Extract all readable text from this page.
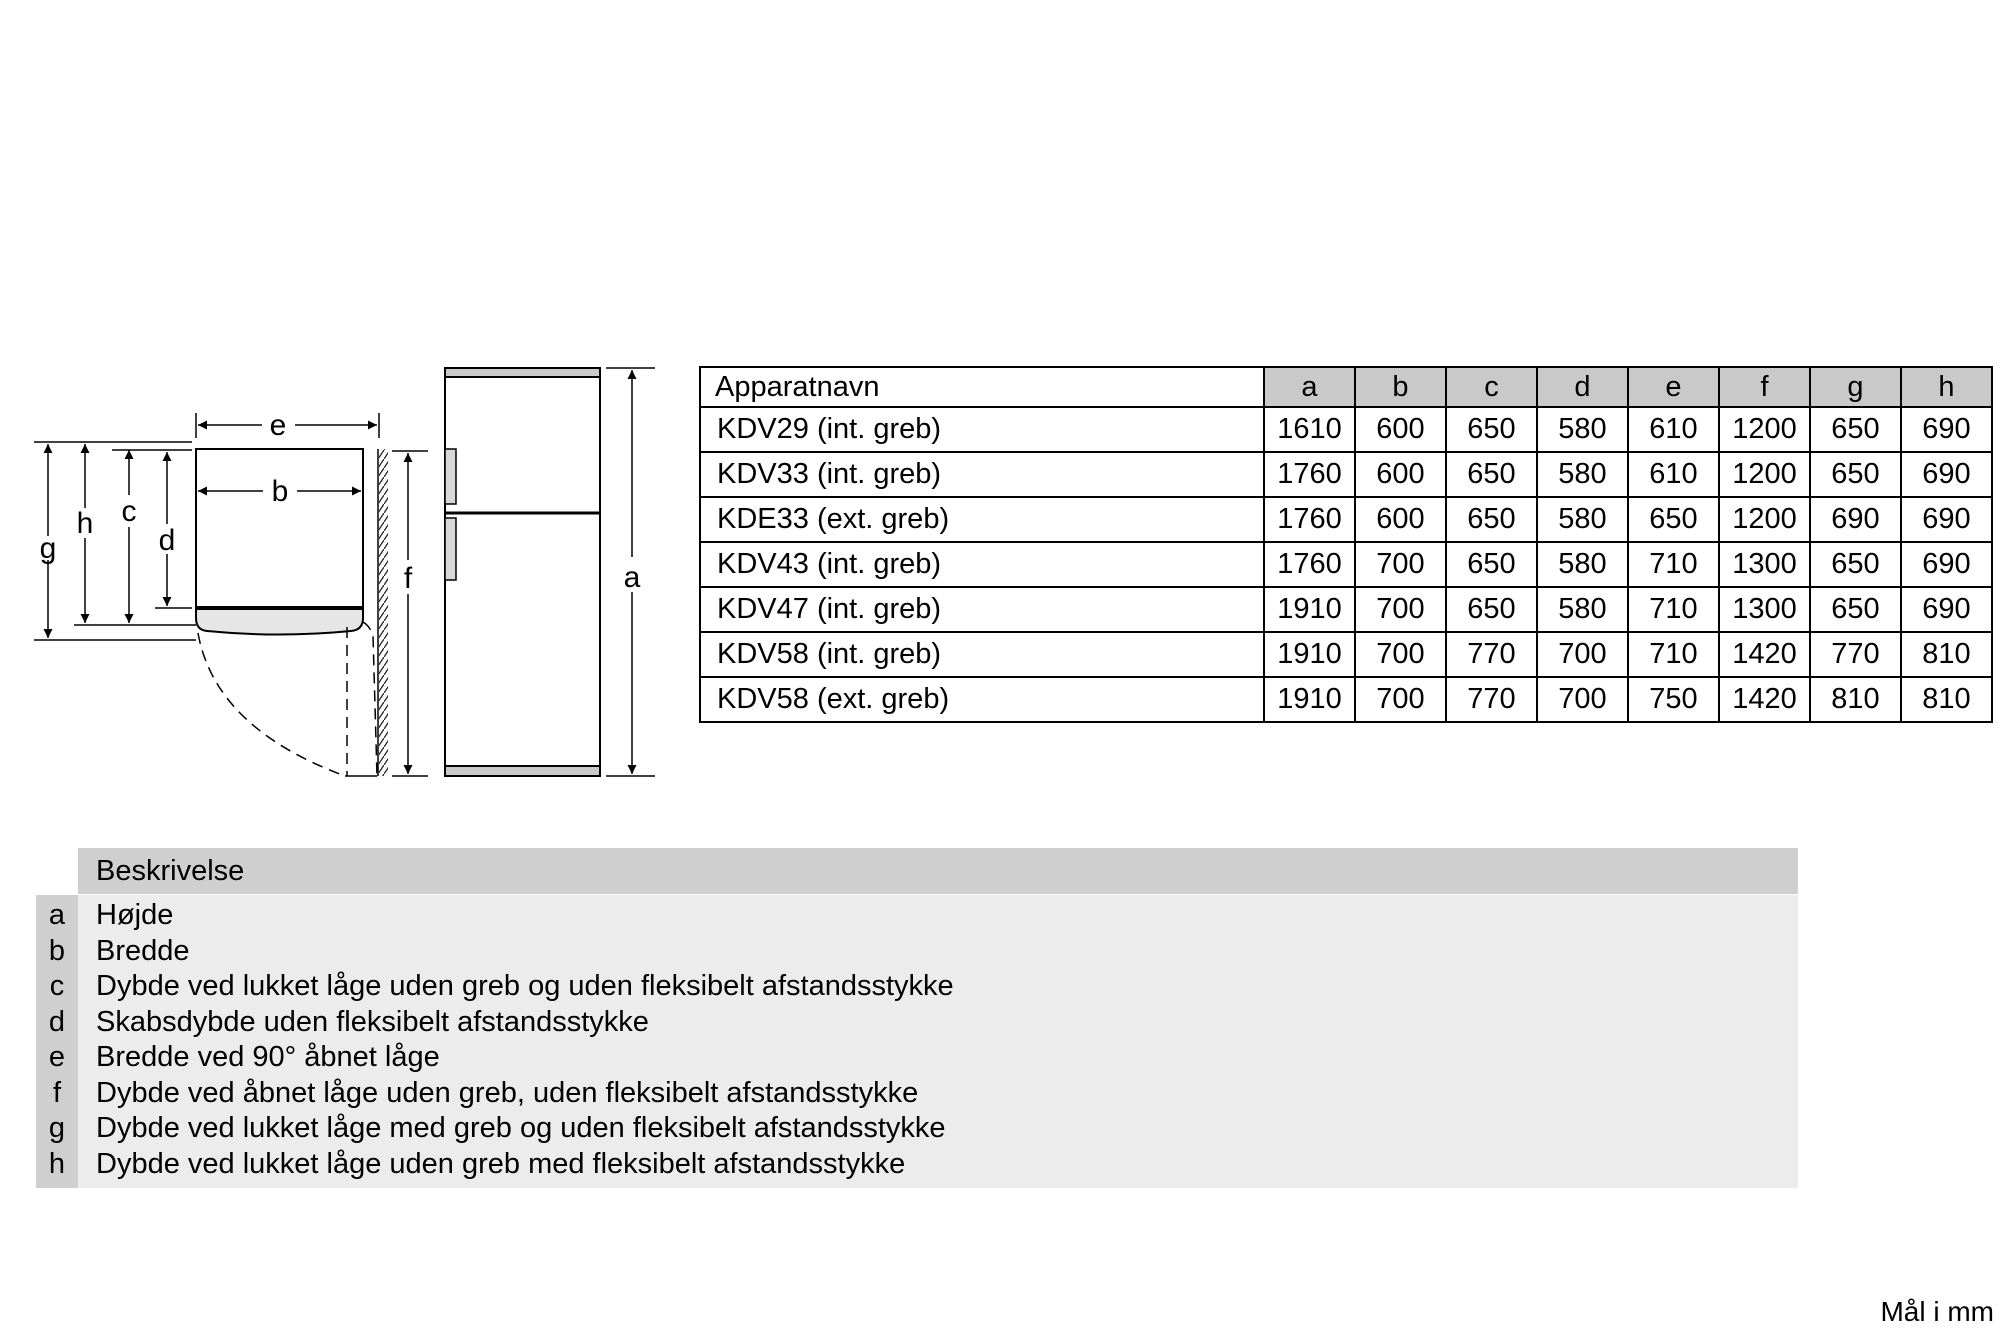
e
b
g
h c
d
f	a
Apparatnavn	a	b	c	d	e	f	g	h
KDV29 (int. greb)	1610	600	650	580	610	1200	650	690
KDV33 (int. greb)	1760	600	650	580	610	1200	650	690
KDE33 (ext. greb)	1760	600	650	580	650	1200	690	690
KDV43 (int. greb)	1760	700	650	580	710	1300	650	690
KDV47 (int. greb)	1910	700	650	580	710	1300	650	690
KDV58 (int. greb)	1910	700	770	700	710	1420	770	810
KDV58 (ext. greb)	1910	700	770	700	750	1420	810	810
Beskrivelse
a	Højde
b	Bredde
c	Dybde ved lukket låge uden greb og uden fleksibelt afstandsstykke
d	Skabsdybde uden fleksibelt afstandsstykke
e	Bredde ved 90° åbnet låge
f	Dybde ved åbnet låge uden greb, uden fleksibelt afstandsstykke
g	Dybde ved lukket låge med greb og uden fleksibelt afstandsstykke
h	Dybde ved lukket låge uden greb med fleksibelt afstandsstykke
Mål i mm
